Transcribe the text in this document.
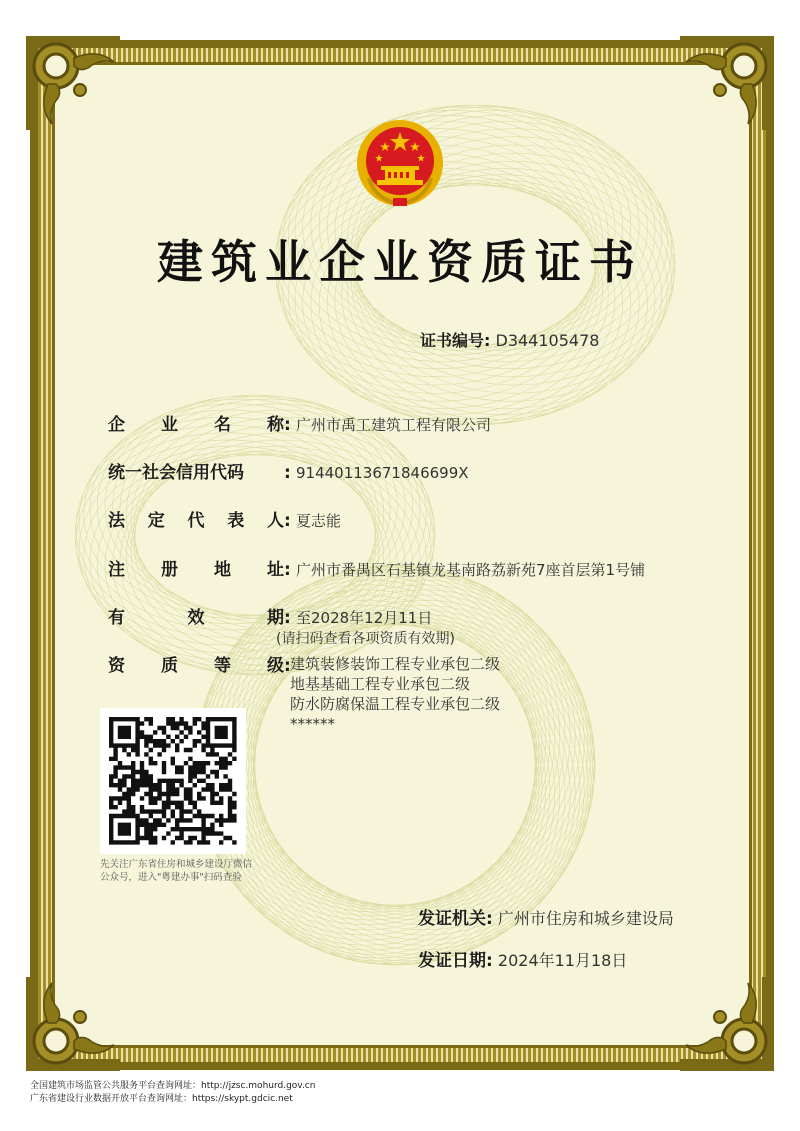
建筑业企业资质证书
证书编号: D344105478
企 业 名 称 : 广州市禹工建筑工程有限公司
统一社会信用代码 : 91440113671846699X
法 定 代 表 人 : 夏志能
注 册 地 址 : 广州市番禺区石基镇龙基南路荔新苑7座首层第1号铺
有	效	期 : 至2028年12月11日
(请扫码查看各项资质有效期)
资 质 等 级 : 建筑装修装饰工程专业承包二级
地基基础工程专业承包二级
防水防腐保温工程专业承包二级
******
先关注广东省住房和城乡建设厅微信公众号，进入"粤建办事"扫码查验
发证机关: 广州市住房和城乡建设局
发证日期: 2024年11月18日
全国建筑市场监管公共服务平台查询网址：http://jzsc.mohurd.gov.cn
广东省建设行业数据开放平台查询网址：https://skypt.gdcic.net
